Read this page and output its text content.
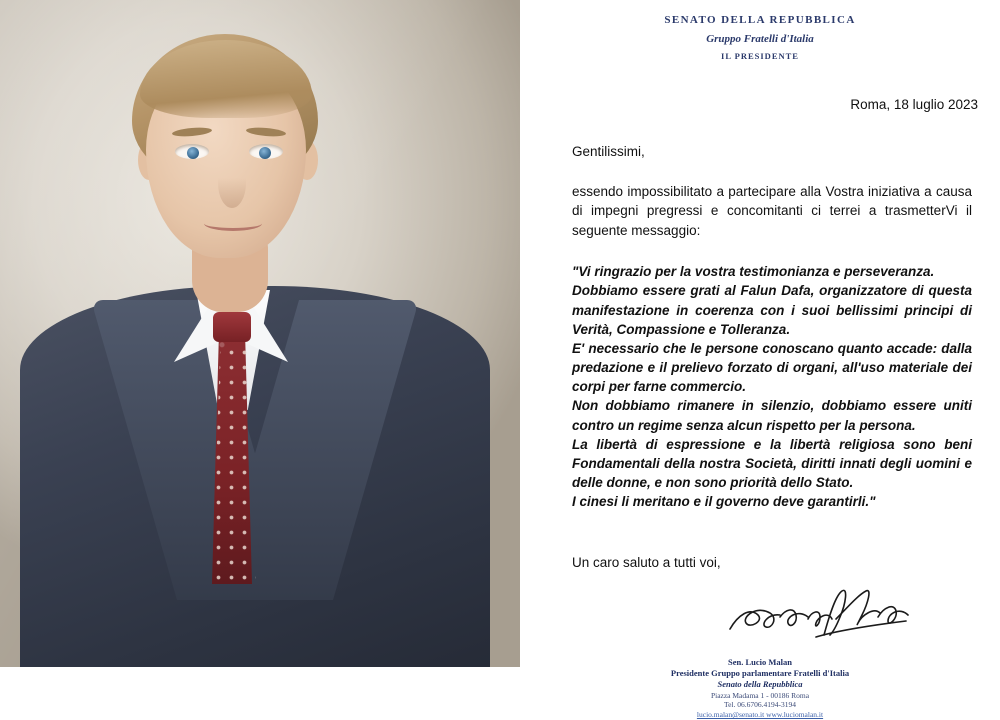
SENATO DELLA REPUBBLICA
Gruppo Fratelli d'Italia
IL PRESIDENTE
Roma, 18 luglio 2023
Gentilissimi,
essendo impossibilitato a partecipare alla Vostra iniziativa a causa di impegni pregressi e concomitanti ci terrei a trasmetterVi il seguente messaggio:

"Vi ringrazio per la vostra testimonianza e perseveranza.

Dobbiamo essere grati al Falun Dafa, organizzatore di questa manifestazione in coerenza con i suoi bellissimi principi di Verità, Compassione e Tolleranza.

E' necessario che le persone conoscano quanto accade: dalla predazione e il prelievo forzato di organi, all'uso materiale dei corpi per farne commercio.

Non dobbiamo rimanere in silenzio, dobbiamo essere uniti contro un regime senza alcun rispetto per la persona.

La libertà di espressione e la libertà religiosa sono beni Fondamentali della nostra Società, diritti innati degli uomini e delle donne, e non sono priorità dello Stato.

I cinesi li meritano e il governo deve garantirli."

Un caro saluto a tutti voi,
Sen. Lucio Malan
Presidente Gruppo parlamentare Fratelli d'Italia
Senato della Repubblica
Piazza Madama 1 - 00186 Roma
Tel. 06.6706.4194-3194
lucio.malan@senato.it www.luciomalan.it
